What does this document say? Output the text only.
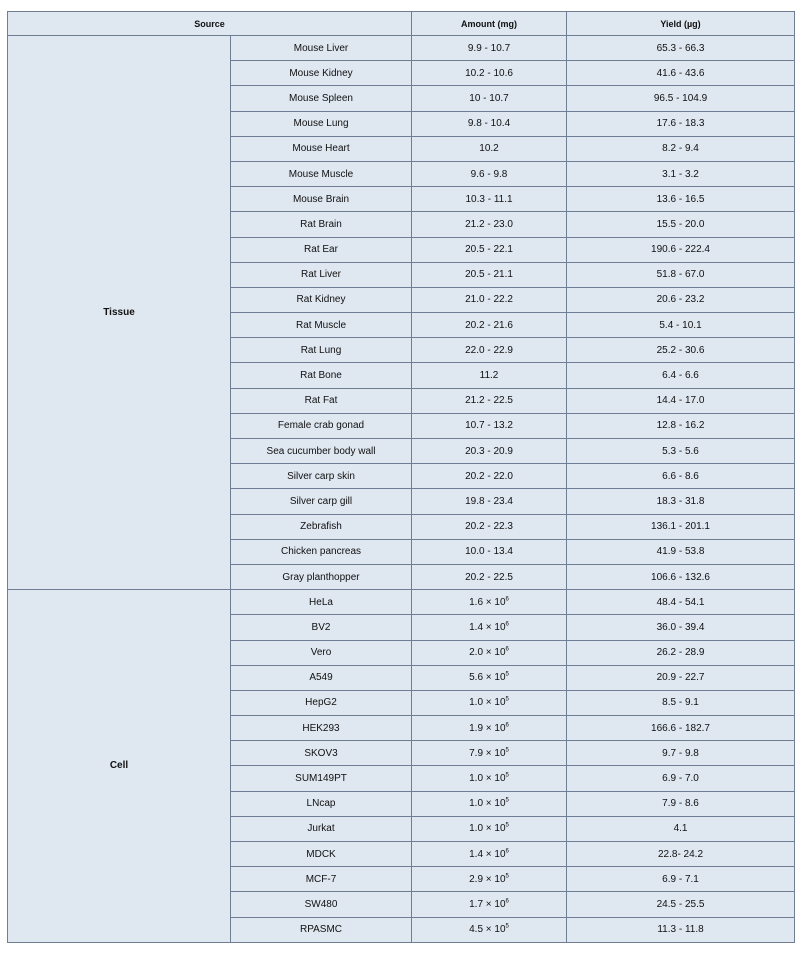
Source		Amount (mg)	Yield (µg)
Tissue	Mouse Liver	9.9 - 10.7	65.3 - 66.3
	Mouse Kidney	10.2 - 10.6	41.6 - 43.6
	Mouse Spleen	10 - 10.7	96.5 - 104.9
	Mouse Lung	9.8 - 10.4	17.6 - 18.3
	Mouse Heart	10.2	8.2 - 9.4
	Mouse Muscle	9.6 - 9.8	3.1 - 3.2
	Mouse Brain	10.3 - 11.1	13.6 - 16.5
	Rat Brain	21.2 - 23.0	15.5 - 20.0
	Rat Ear	20.5 - 22.1	190.6 - 222.4
	Rat Liver	20.5 - 21.1	51.8 - 67.0
	Rat Kidney	21.0 - 22.2	20.6 - 23.2
	Rat Muscle	20.2 - 21.6	5.4 - 10.1
	Rat Lung	22.0 - 22.9	25.2 - 30.6
	Rat Bone	11.2	6.4 - 6.6
	Rat Fat	21.2 - 22.5	14.4 - 17.0
	Female crab gonad	10.7 - 13.2	12.8 - 16.2
	Sea cucumber body wall	20.3 - 20.9	5.3 - 5.6
	Silver carp skin	20.2 - 22.0	6.6 - 8.6
	Silver carp gill	19.8 - 23.4	18.3 - 31.8
	Zebrafish	20.2 - 22.3	136.1 - 201.1
	Chicken pancreas	10.0 - 13.4	41.9 - 53.8
	Gray planthopper	20.2 - 22.5	106.6 - 132.6
Cell	HeLa	$1.6 \times 10^6$	48.4 - 54.1
	BV2	$1.4 \times 10^6$	36.0 - 39.4
	Vero	$2.0 \times 10^6$	26.2 - 28.9
	A549	$5.6 \times 10^5$	20.9 - 22.7
	HepG2	$1.0 \times 10^5$	8.5 - 9.1
	HEK293	$1.9 \times 10^6$	166.6 - 182.7
	SKOV3	$7.9 \times 10^5$	9.7 - 9.8
	SUM149PT	$1.0 \times 10^5$	6.9 - 7.0
	LNcap	$1.0 \times 10^5$	7.9 - 8.6
	Jurkat	$1.0 \times 10^5$	4.1
	MDCK	$1.4 \times 10^6$	22.8- 24.2
	MCF-7	$2.9 \times 10^5$	6.9 - 7.1
	SW480	$1.7 \times 10^6$	24.5 - 25.5
	RPASMC	$4.5 \times 10^5$	11.3 - 11.8
